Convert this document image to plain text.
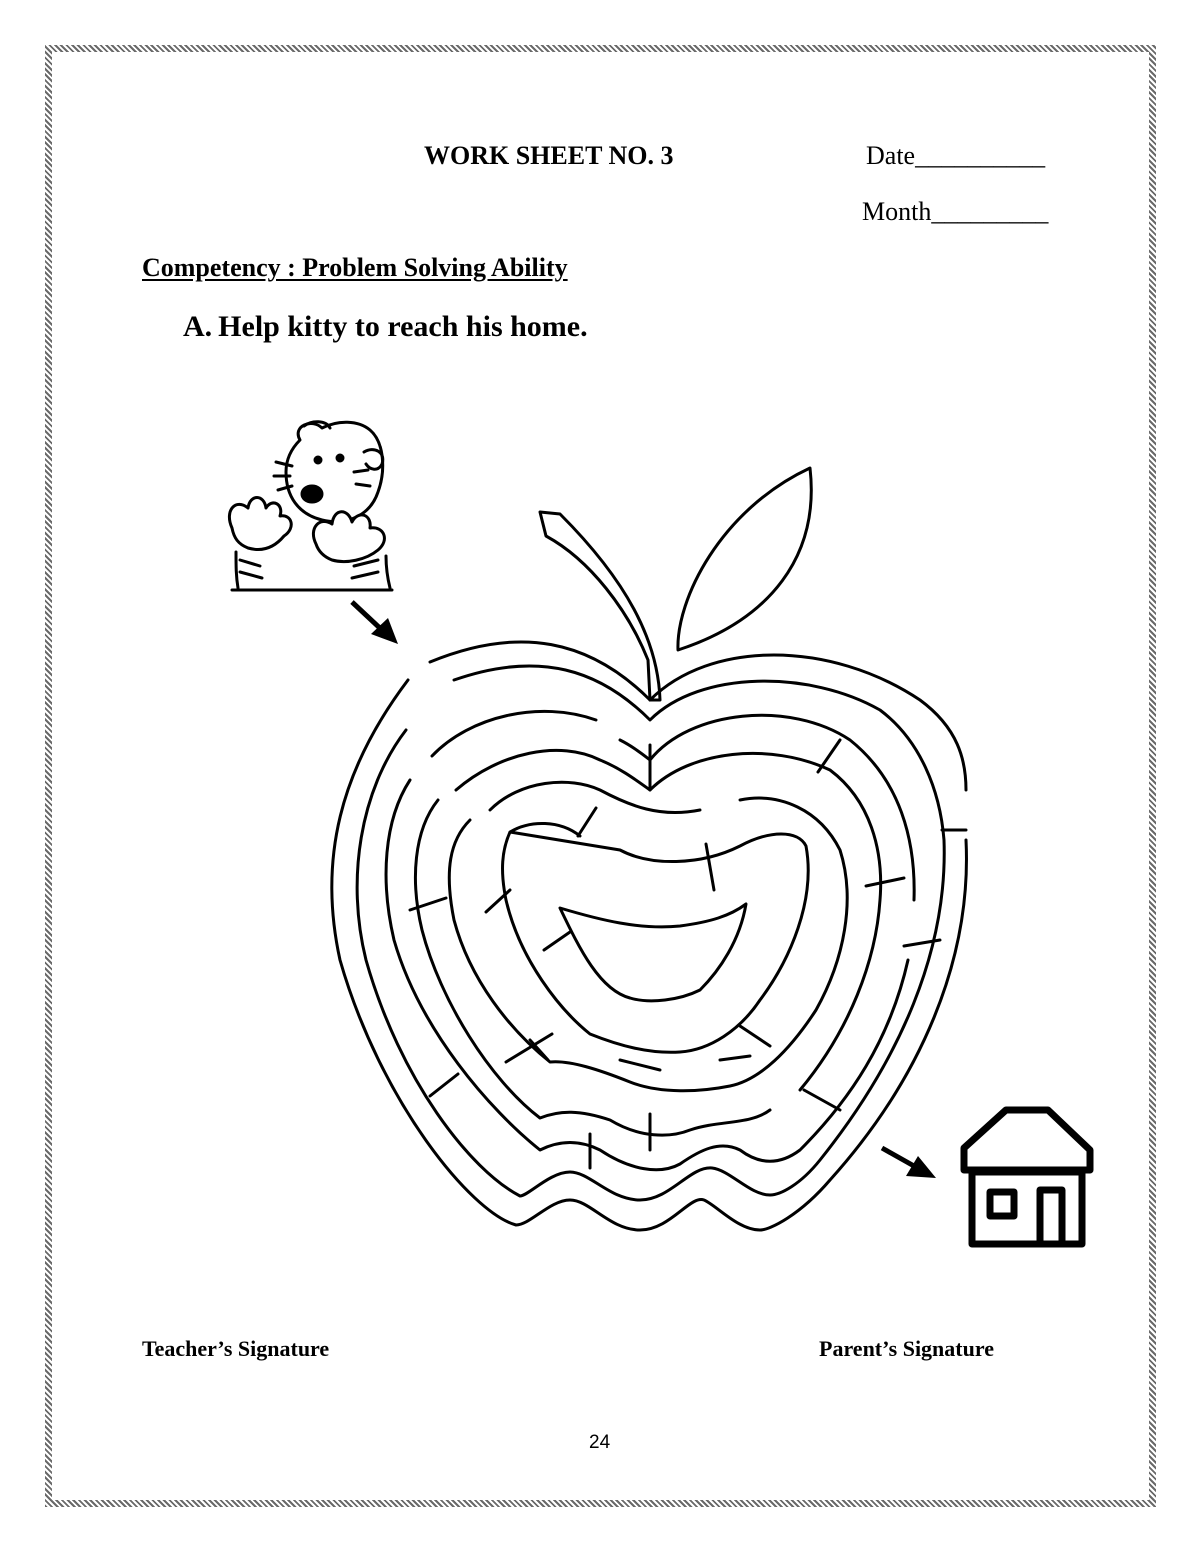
WORK SHEET NO. 3	Date__________
Month_________
Competency : Problem Solving Ability
A. Help kitty to reach his home.
Teacher’s Signature	Parent’s Signature
24
